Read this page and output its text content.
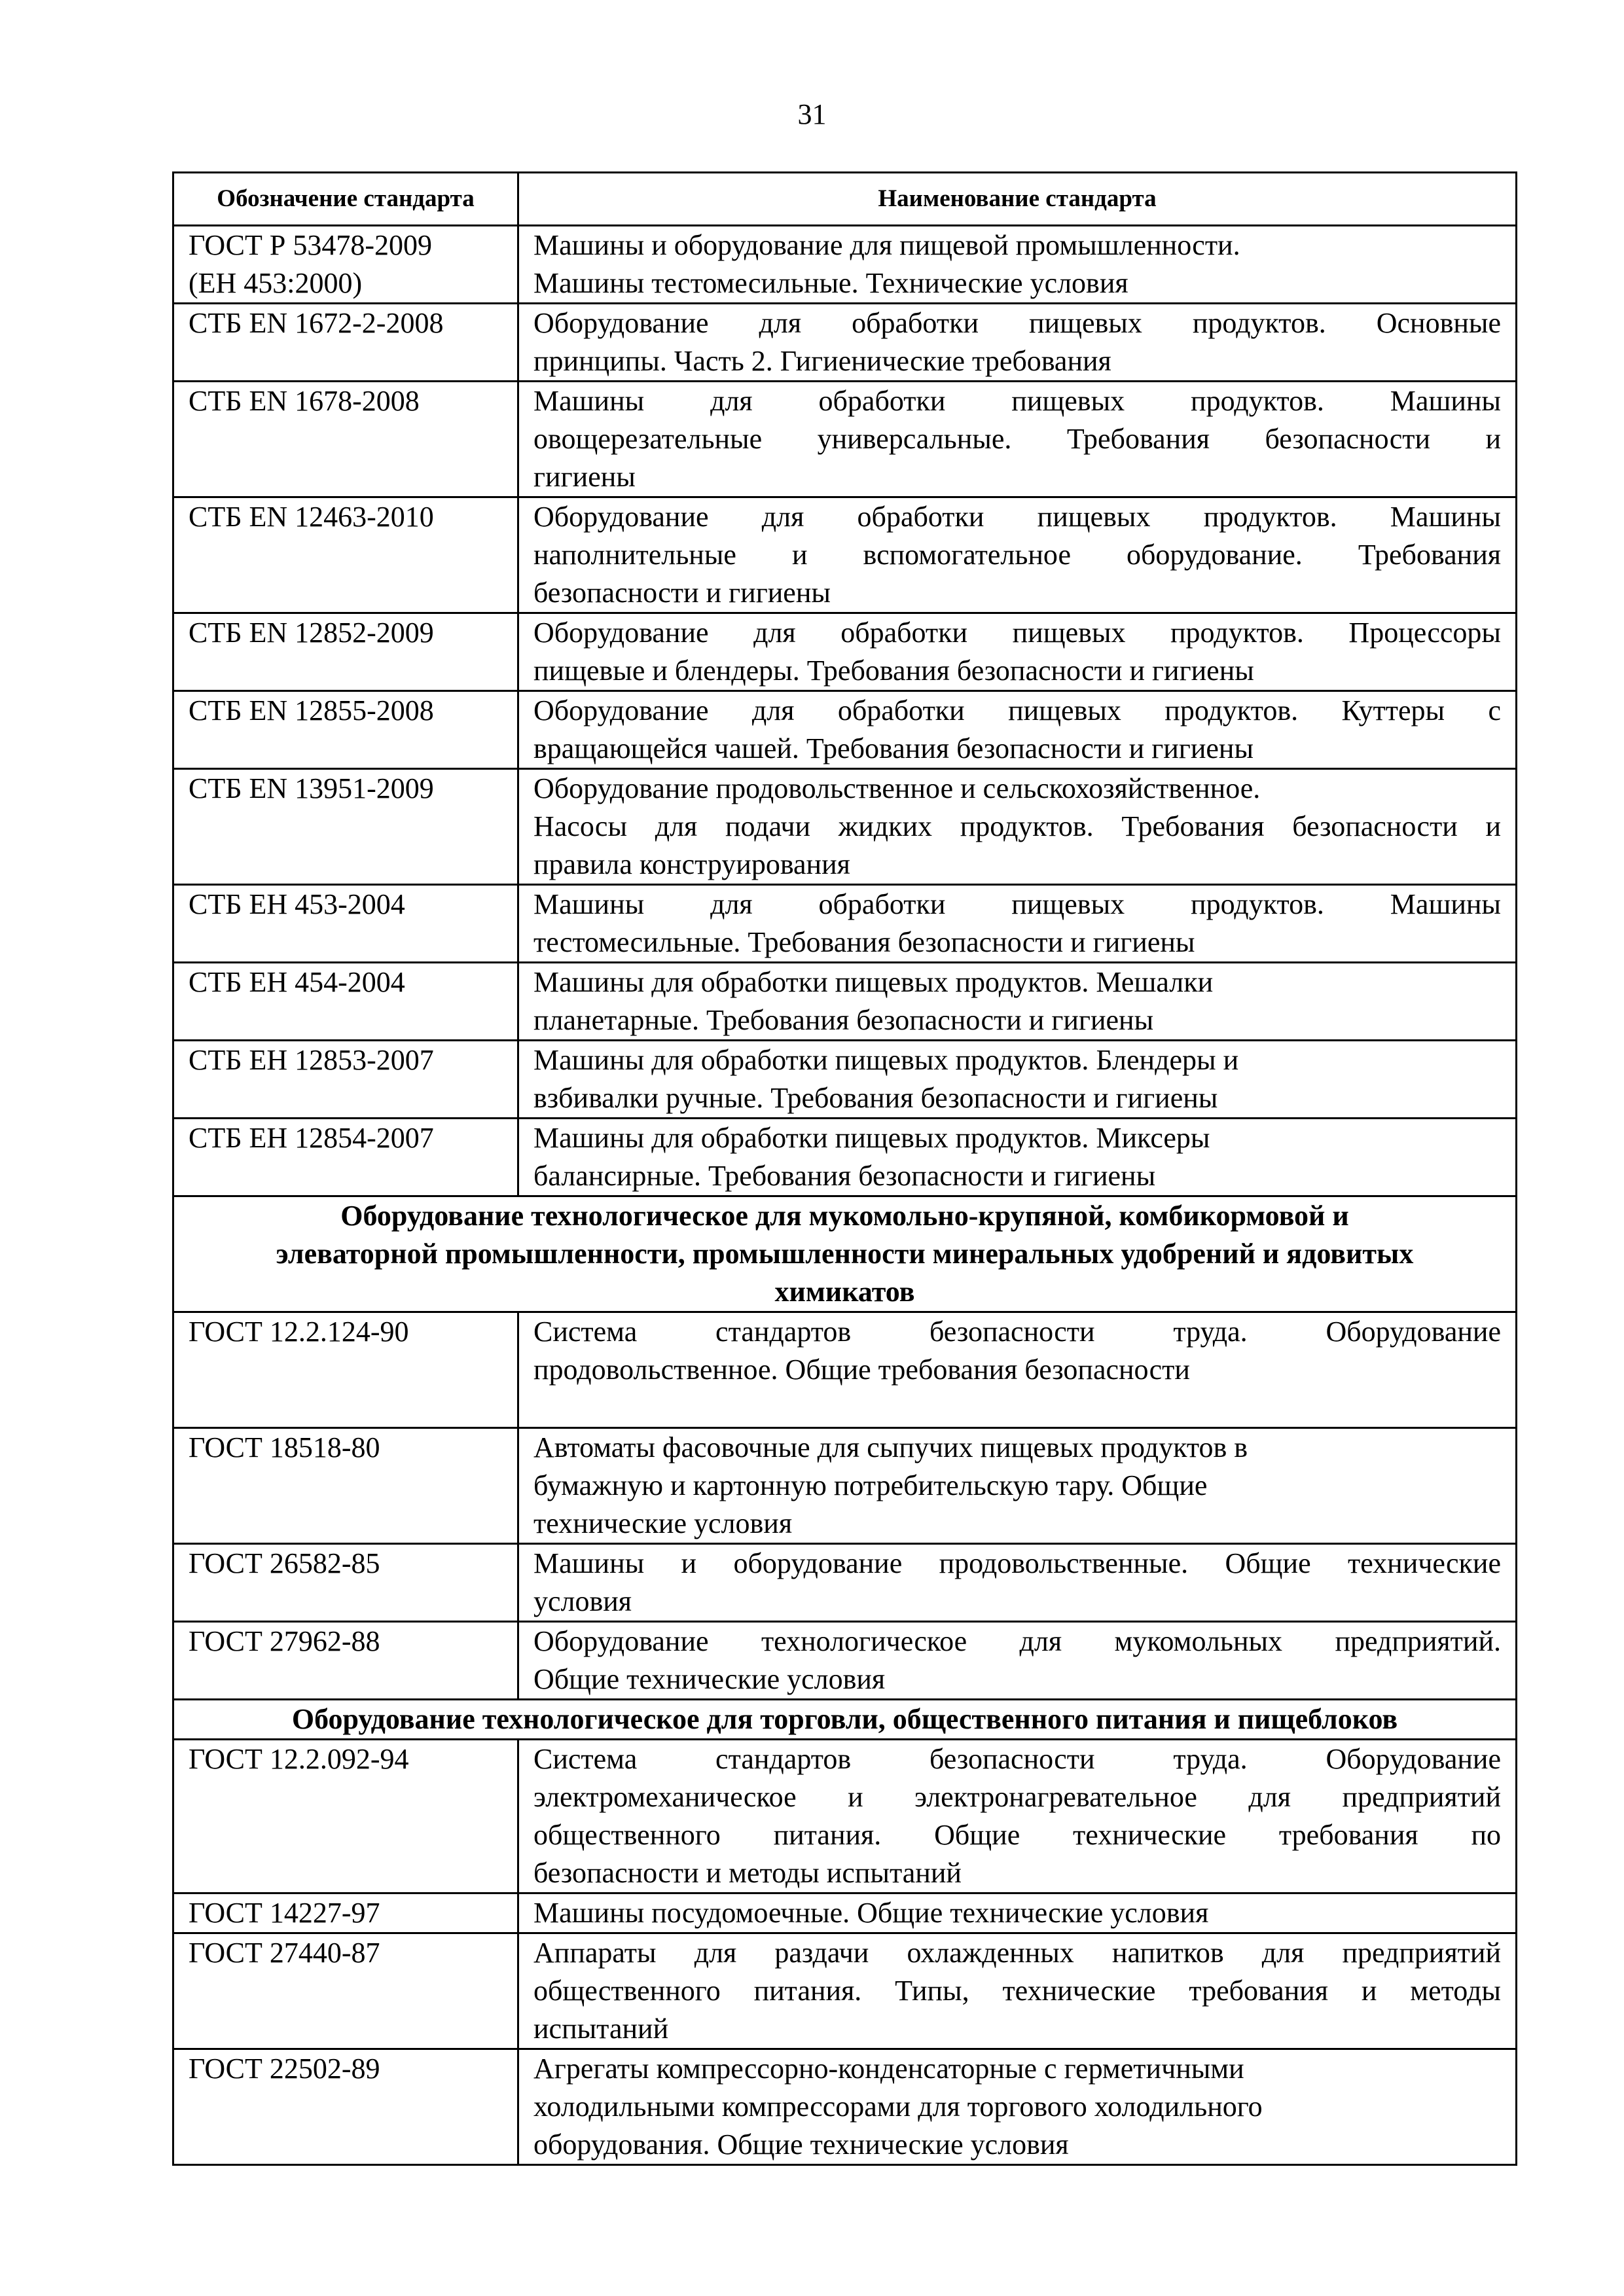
31
Обозначение стандарта	Наименование стандарта

ГОСТ Р 53478-2009
(ЕН 453:2000)	Машины и оборудование для пищевой промышленности.
Машины тестомесильные. Технические условия

СТБ EN 1672-2-2008	Оборудование для обработки пищевых продуктов. Основные
принципы. Часть 2. Гигиенические требования

СТБ EN 1678-2008	Машины для обработки пищевых продуктов. Машины
овощерезательные универсальные. Требования безопасности и
гигиены

СТБ EN 12463-2010	Оборудование для обработки пищевых продуктов. Машины
наполнительные и вспомогательное оборудование. Требования
безопасности и гигиены

СТБ EN 12852-2009	Оборудование для обработки пищевых продуктов. Процессоры
пищевые и блендеры. Требования безопасности и гигиены

СТБ EN 12855-2008	Оборудование для обработки пищевых продуктов. Куттеры с
вращающейся чашей. Требования безопасности и гигиены

СТБ EN 13951-2009	Оборудование продовольственное и сельскохозяйственное.
Насосы для подачи жидких продуктов. Требования безопасности и
правила конструирования

СТБ ЕН 453-2004	Машины для обработки пищевых продуктов. Машины
тестомесильные. Требования безопасности и гигиены

СТБ ЕН 454-2004	Машины для обработки пищевых продуктов. Мешалки
планетарные. Требования безопасности и гигиены

СТБ ЕН 12853-2007	Машины для обработки пищевых продуктов. Блендеры и
взбивалки ручные. Требования безопасности и гигиены

СТБ ЕН 12854-2007	Машины для обработки пищевых продуктов. Миксеры
балансирные. Требования безопасности и гигиены

Оборудование технологическое для мукомольно-крупяной, комбикормовой и
элеваторной промышленности, промышленности минеральных удобрений и ядовитых
химикатов	

ГОСТ 12.2.124-90	Система стандартов безопасности труда. Оборудование
продовольственное. Общие требования безопасности

ГОСТ 18518-80	Автоматы фасовочные для сыпучих пищевых продуктов в
бумажную и картонную потребительскую тару. Общие
технические условия

ГОСТ 26582-85	Машины и оборудование продовольственные. Общие технические
условия

ГОСТ 27962-88	Оборудование технологическое для мукомольных предприятий.
Общие технические условия

Оборудование технологическое для торговли, общественного питания и пищеблоков	

ГОСТ 12.2.092-94	Система стандартов безопасности труда. Оборудование
электромеханическое и электронагревательное для предприятий
общественного питания. Общие технические требования по
безопасности и методы испытаний

ГОСТ 14227-97	Машины посудомоечные. Общие технические условия

ГОСТ 27440-87	Аппараты для раздачи охлажденных напитков для предприятий
общественного питания. Типы, технические требования и методы
испытаний

ГОСТ 22502-89	Агрегаты компрессорно-конденсаторные с герметичными
холодильными компрессорами для торгового холодильного
оборудования. Общие технические условия
